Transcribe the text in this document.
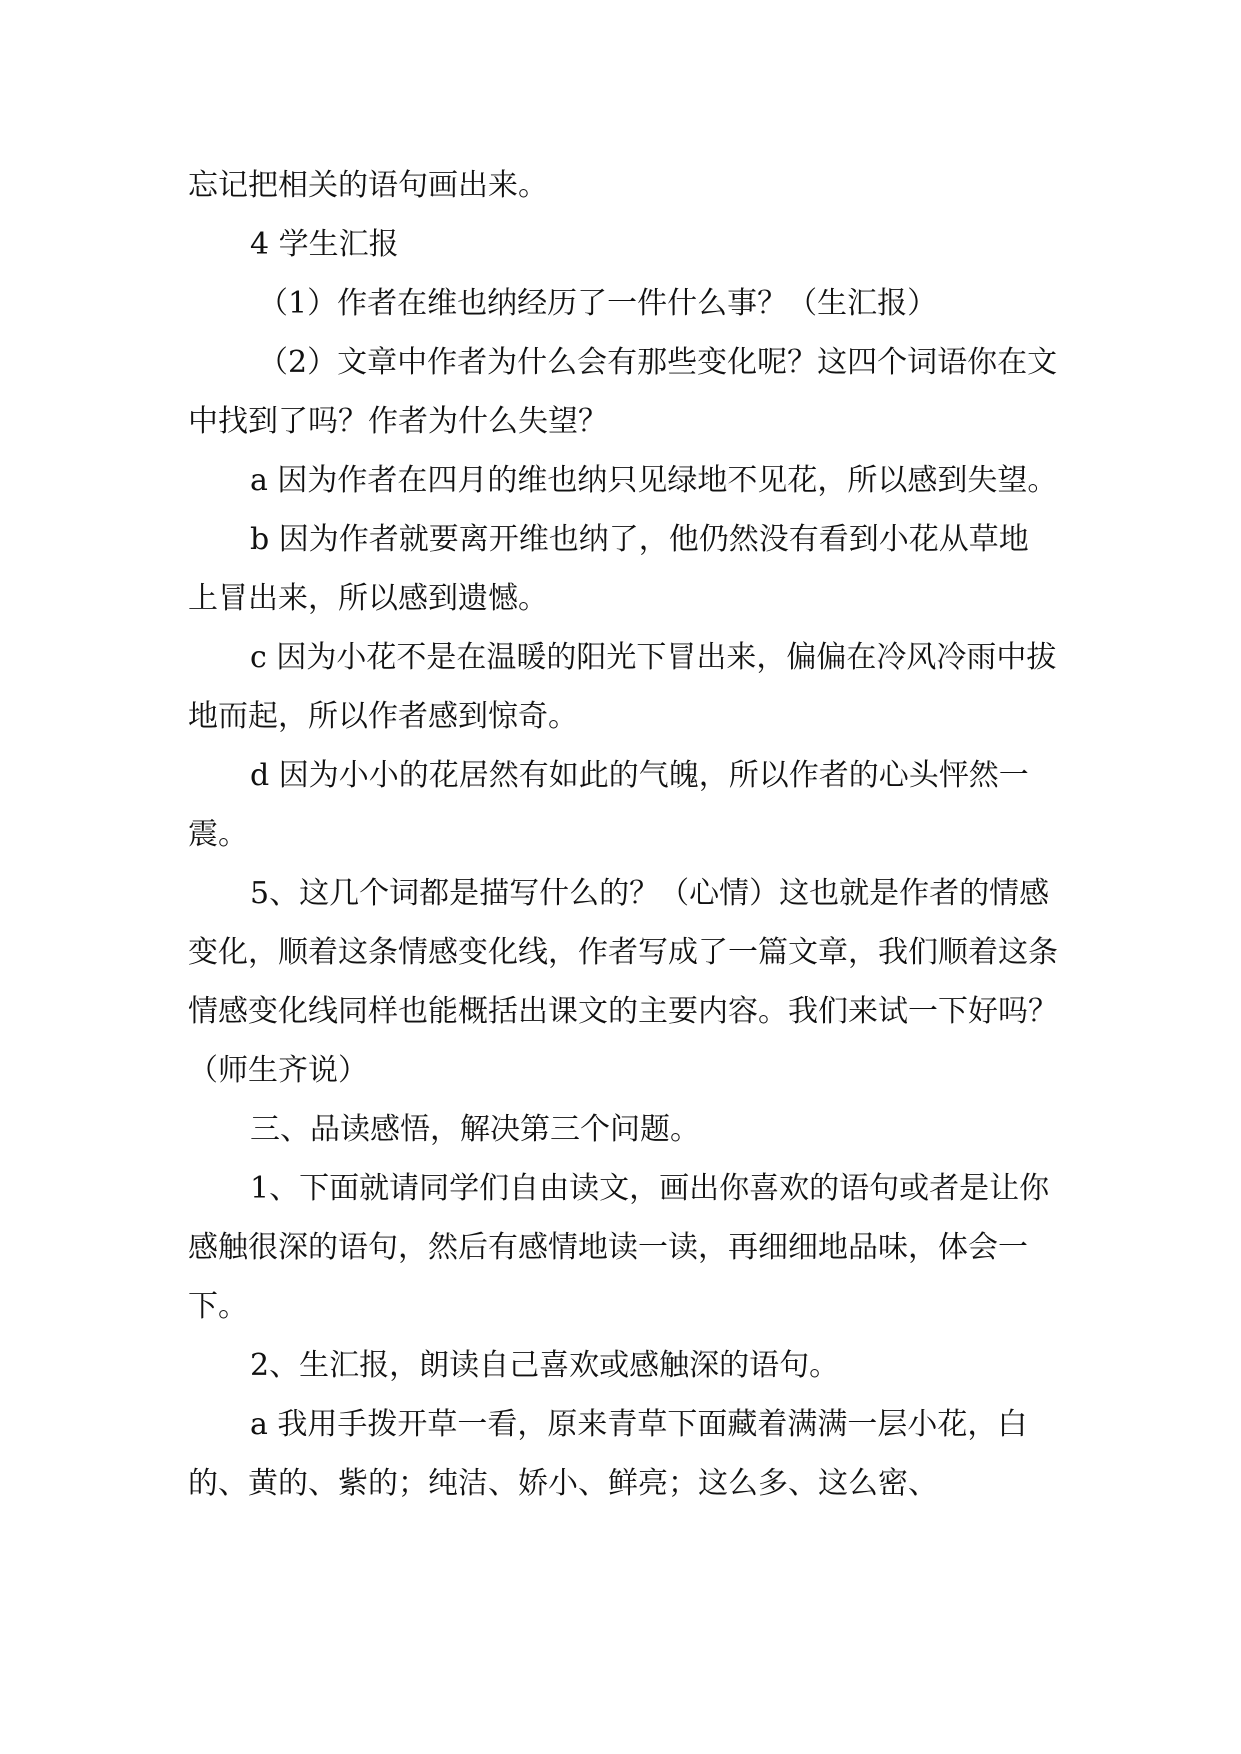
忘记把相关的语句画出来。

4 学生汇报

（1）作者在维也纳经历了一件什么事？（生汇报）

（2）文章中作者为什么会有那些变化呢？这四个词语你在文中找到了吗？作者为什么失望？

a 因为作者在四月的维也纳只见绿地不见花，所以感到失望。

b 因为作者就要离开维也纳了，他仍然没有看到小花从草地上冒出来，所以感到遗憾。

c 因为小花不是在温暖的阳光下冒出来，偏偏在冷风冷雨中拔地而起，所以作者感到惊奇。

d 因为小小的花居然有如此的气魄，所以作者的心头怦然一震。

5、这几个词都是描写什么的？（心情）这也就是作者的情感变化，顺着这条情感变化线，作者写成了一篇文章，我们顺着这条情感变化线同样也能概括出课文的主要内容。我们来试一下好吗？（师生齐说）

三、品读感悟，解决第三个问题。

1、下面就请同学们自由读文，画出你喜欢的语句或者是让你感触很深的语句，然后有感情地读一读，再细细地品味，体会一下。

2、生汇报，朗读自己喜欢或感触深的语句。

a 我用手拨开草一看，原来青草下面藏着满满一层小花，白的、黄的、紫的；纯洁、娇小、鲜亮；这么多、这么密、
